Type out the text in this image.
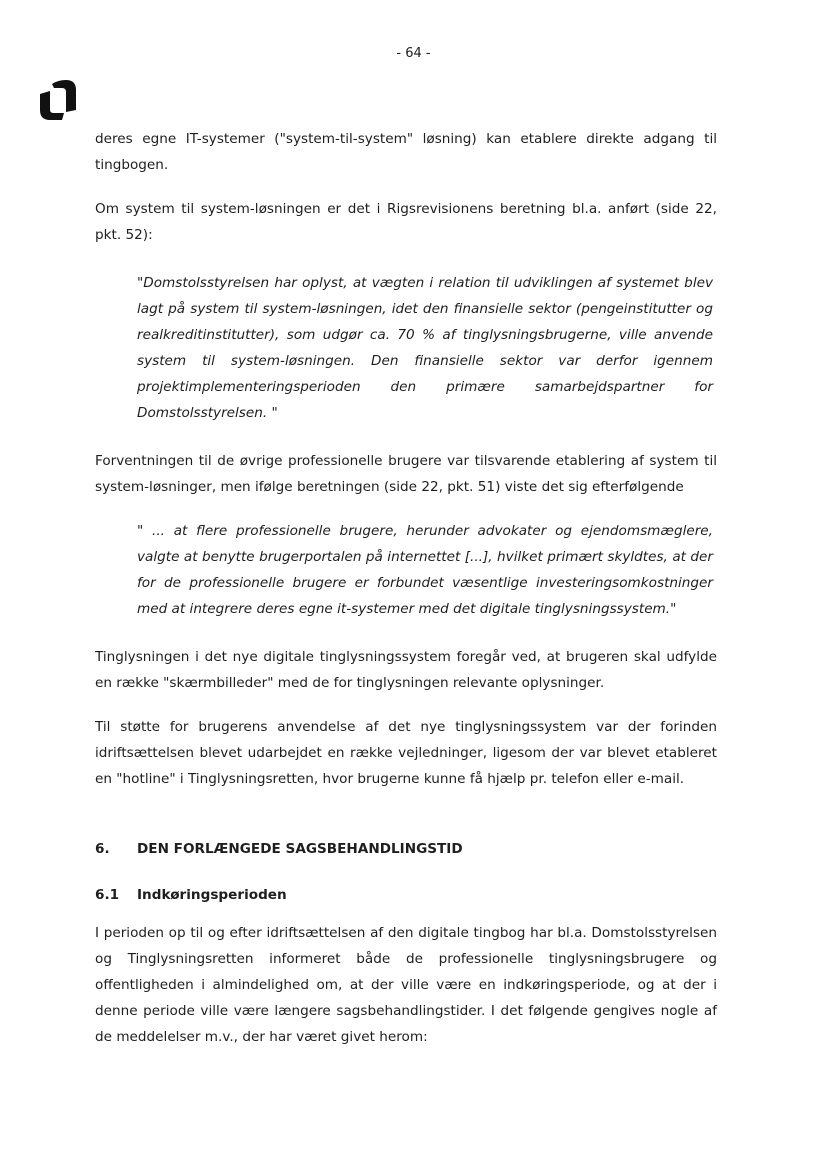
- 64 -

deres egne IT-systemer ("system-til-system" løsning) kan etablere direkte adgang til tingbogen.

Om system til system-løsningen er det i Rigsrevisionens beretning bl.a. anført (side 22, pkt. 52):

"Domstolsstyrelsen har oplyst, at vægten i relation til udviklingen af systemet blev lagt på system til system-løsningen, idet den finansielle sektor (pengeinstitutter og realkreditinstitutter), som udgør ca. 70 % af tinglysningsbrugerne, ville anvende system til system-løsningen. Den finansielle sektor var derfor igennem projektimplementeringsperioden den primære samarbejdspartner for Domstolsstyrelsen. "

Forventningen til de øvrige professionelle brugere var tilsvarende etablering af system til system-løsninger, men ifølge beretningen (side 22, pkt. 51) viste det sig efterfølgende

" ... at flere professionelle brugere, herunder advokater og ejendomsmæglere, valgte at benytte brugerportalen på internettet [...], hvilket primært skyldtes, at der for de professionelle brugere er forbundet væsentlige investeringsomkostninger med at integrere deres egne it-systemer med det digitale tinglysningssystem."

Tinglysningen i det nye digitale tinglysningssystem foregår ved, at brugeren skal udfylde en række "skærmbilleder" med de for tinglysningen relevante oplysninger.

Til støtte for brugerens anvendelse af det nye tinglysningssystem var der forinden idriftsættelsen blevet udarbejdet en række vejledninger, ligesom der var blevet etableret en "hotline" i Tinglysningsretten, hvor brugerne kunne få hjælp pr. telefon eller e-mail.

6. DEN FORLÆNGEDE SAGSBEHANDLINGSTID
6.1 Indkøringsperioden

I perioden op til og efter idriftsættelsen af den digitale tingbog har bl.a. Domstolsstyrelsen og Tinglysningsretten informeret både de professionelle tinglysningsbrugere og offentligheden i almindelighed om, at der ville være en indkøringsperiode, og at der i denne periode ville være længere sagsbehandlingstider. I det følgende gengives nogle af de meddelelser m.v., der har været givet herom:
